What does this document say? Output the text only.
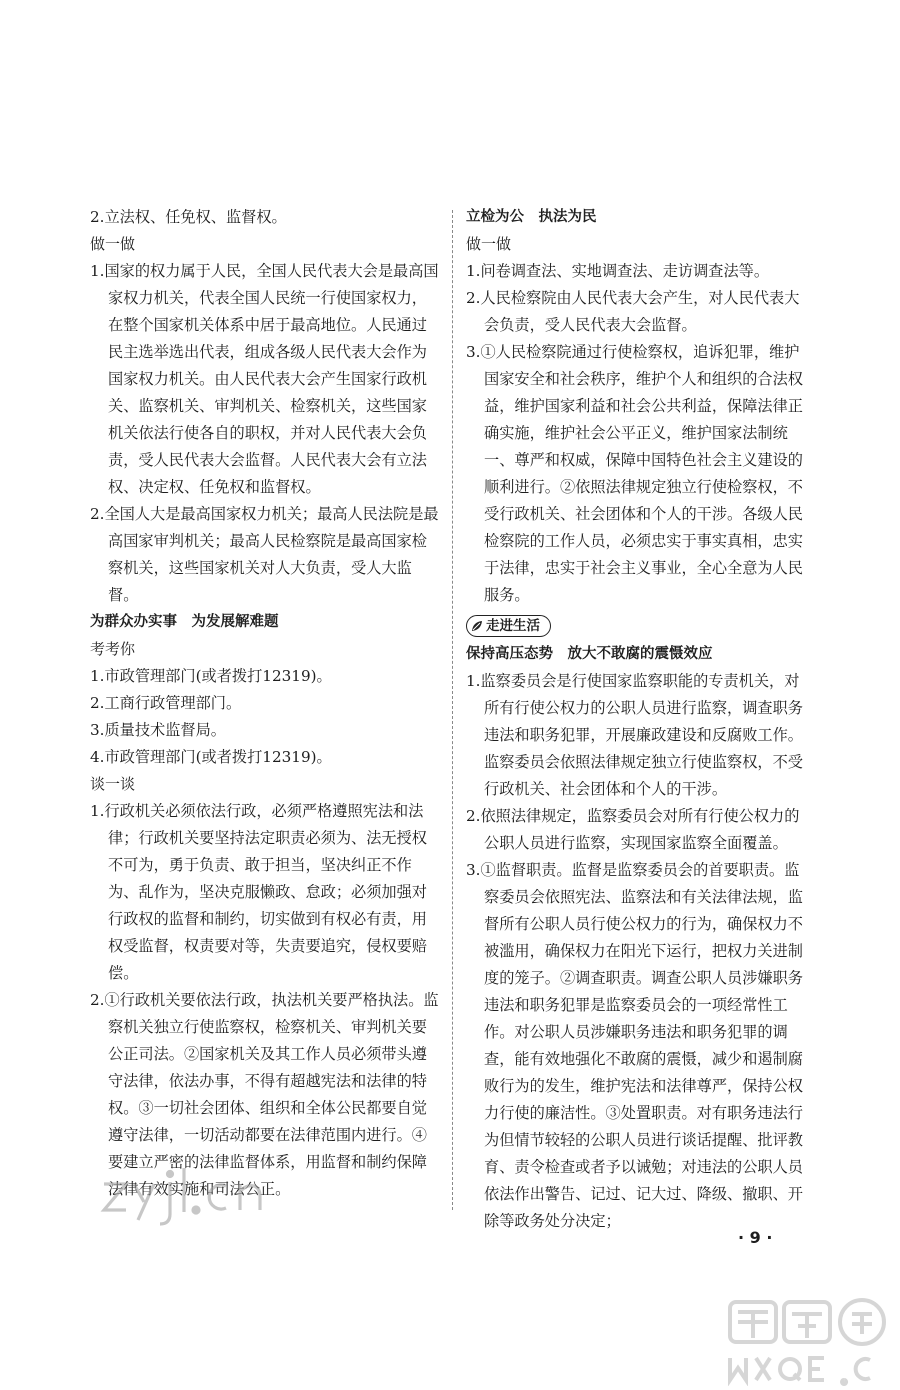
2.立法权、任免权、监督权。

做一做

1.国家的权力属于人民，全国人民代表大会是最高国家权力机关，代表全国人民统一行使国家权力，在整个国家机关体系中居于最高地位。人民通过民主选举选出代表，组成各级人民代表大会作为国家权力机关。由人民代表大会产生国家行政机关、监察机关、审判机关、检察机关，这些国家机关依法行使各自的职权，并对人民代表大会负责，受人民代表大会监督。人民代表大会有立法权、决定权、任免权和监督权。

2.全国人大是最高国家权力机关；最高人民法院是最高国家审判机关；最高人民检察院是最高国家检察机关，这些国家机关对人大负责，受人大监督。

为群众办实事　为发展解难题

考考你

1.市政管理部门(或者拨打12319)。

2.工商行政管理部门。

3.质量技术监督局。

4.市政管理部门(或者拨打12319)。

谈一谈

1.行政机关必须依法行政，必须严格遵照宪法和法律；行政机关要坚持法定职责必须为、法无授权不可为，勇于负责、敢于担当，坚决纠正不作为、乱作为，坚决克服懒政、怠政；必须加强对行政权的监督和制约，切实做到有权必有责，用权受监督，权责要对等，失责要追究，侵权要赔偿。

2.①行政机关要依法行政，执法机关要严格执法。监察机关独立行使监察权，检察机关、审判机关要公正司法。②国家机关及其工作人员必须带头遵守法律，依法办事，不得有超越宪法和法律的特权。③一切社会团体、组织和全体公民都要自觉遵守法律，一切活动都要在法律范围内进行。④要建立严密的法律监督体系，用监督和制约保障法律有效实施和司法公正。

立检为公　执法为民

做一做

1.问卷调查法、实地调查法、走访调查法等。

2.人民检察院由人民代表大会产生，对人民代表大会负责，受人民代表大会监督。

3.①人民检察院通过行使检察权，追诉犯罪，维护国家安全和社会秩序，维护个人和组织的合法权益，维护国家利益和社会公共利益，保障法律正确实施，维护社会公平正义，维护国家法制统一、尊严和权威，保障中国特色社会主义建设的顺利进行。②依照法律规定独立行使检察权，不受行政机关、社会团体和个人的干涉。各级人民检察院的工作人员，必须忠实于事实真相，忠实于法律，忠实于社会主义事业，全心全意为人民服务。

走进生活

保持高压态势　放大不敢腐的震慑效应

1.监察委员会是行使国家监察职能的专责机关，对所有行使公权力的公职人员进行监察，调查职务违法和职务犯罪，开展廉政建设和反腐败工作。监察委员会依照法律规定独立行使监察权，不受行政机关、社会团体和个人的干涉。

2.依照法律规定，监察委员会对所有行使公权力的公职人员进行监察，实现国家监察全面覆盖。

3.①监督职责。监督是监察委员会的首要职责。监察委员会依照宪法、监察法和有关法律法规，监督所有公职人员行使公权力的行为，确保权力不被滥用，确保权力在阳光下运行，把权力关进制度的笼子。②调查职责。调查公职人员涉嫌职务违法和职务犯罪是监察委员会的一项经常性工作。对公职人员涉嫌职务违法和职务犯罪的调查，能有效地强化不敢腐的震慑，减少和遏制腐败行为的发生，维护宪法和法律尊严，保持公权力行使的廉洁性。③处置职责。对有职务违法行为但情节较轻的公职人员进行谈话提醒、批评教育、责令检查或者予以诫勉；对违法的公职人员依法作出警告、记过、记大过、降级、撤职、开除等政务处分决定；

· 9 ·
